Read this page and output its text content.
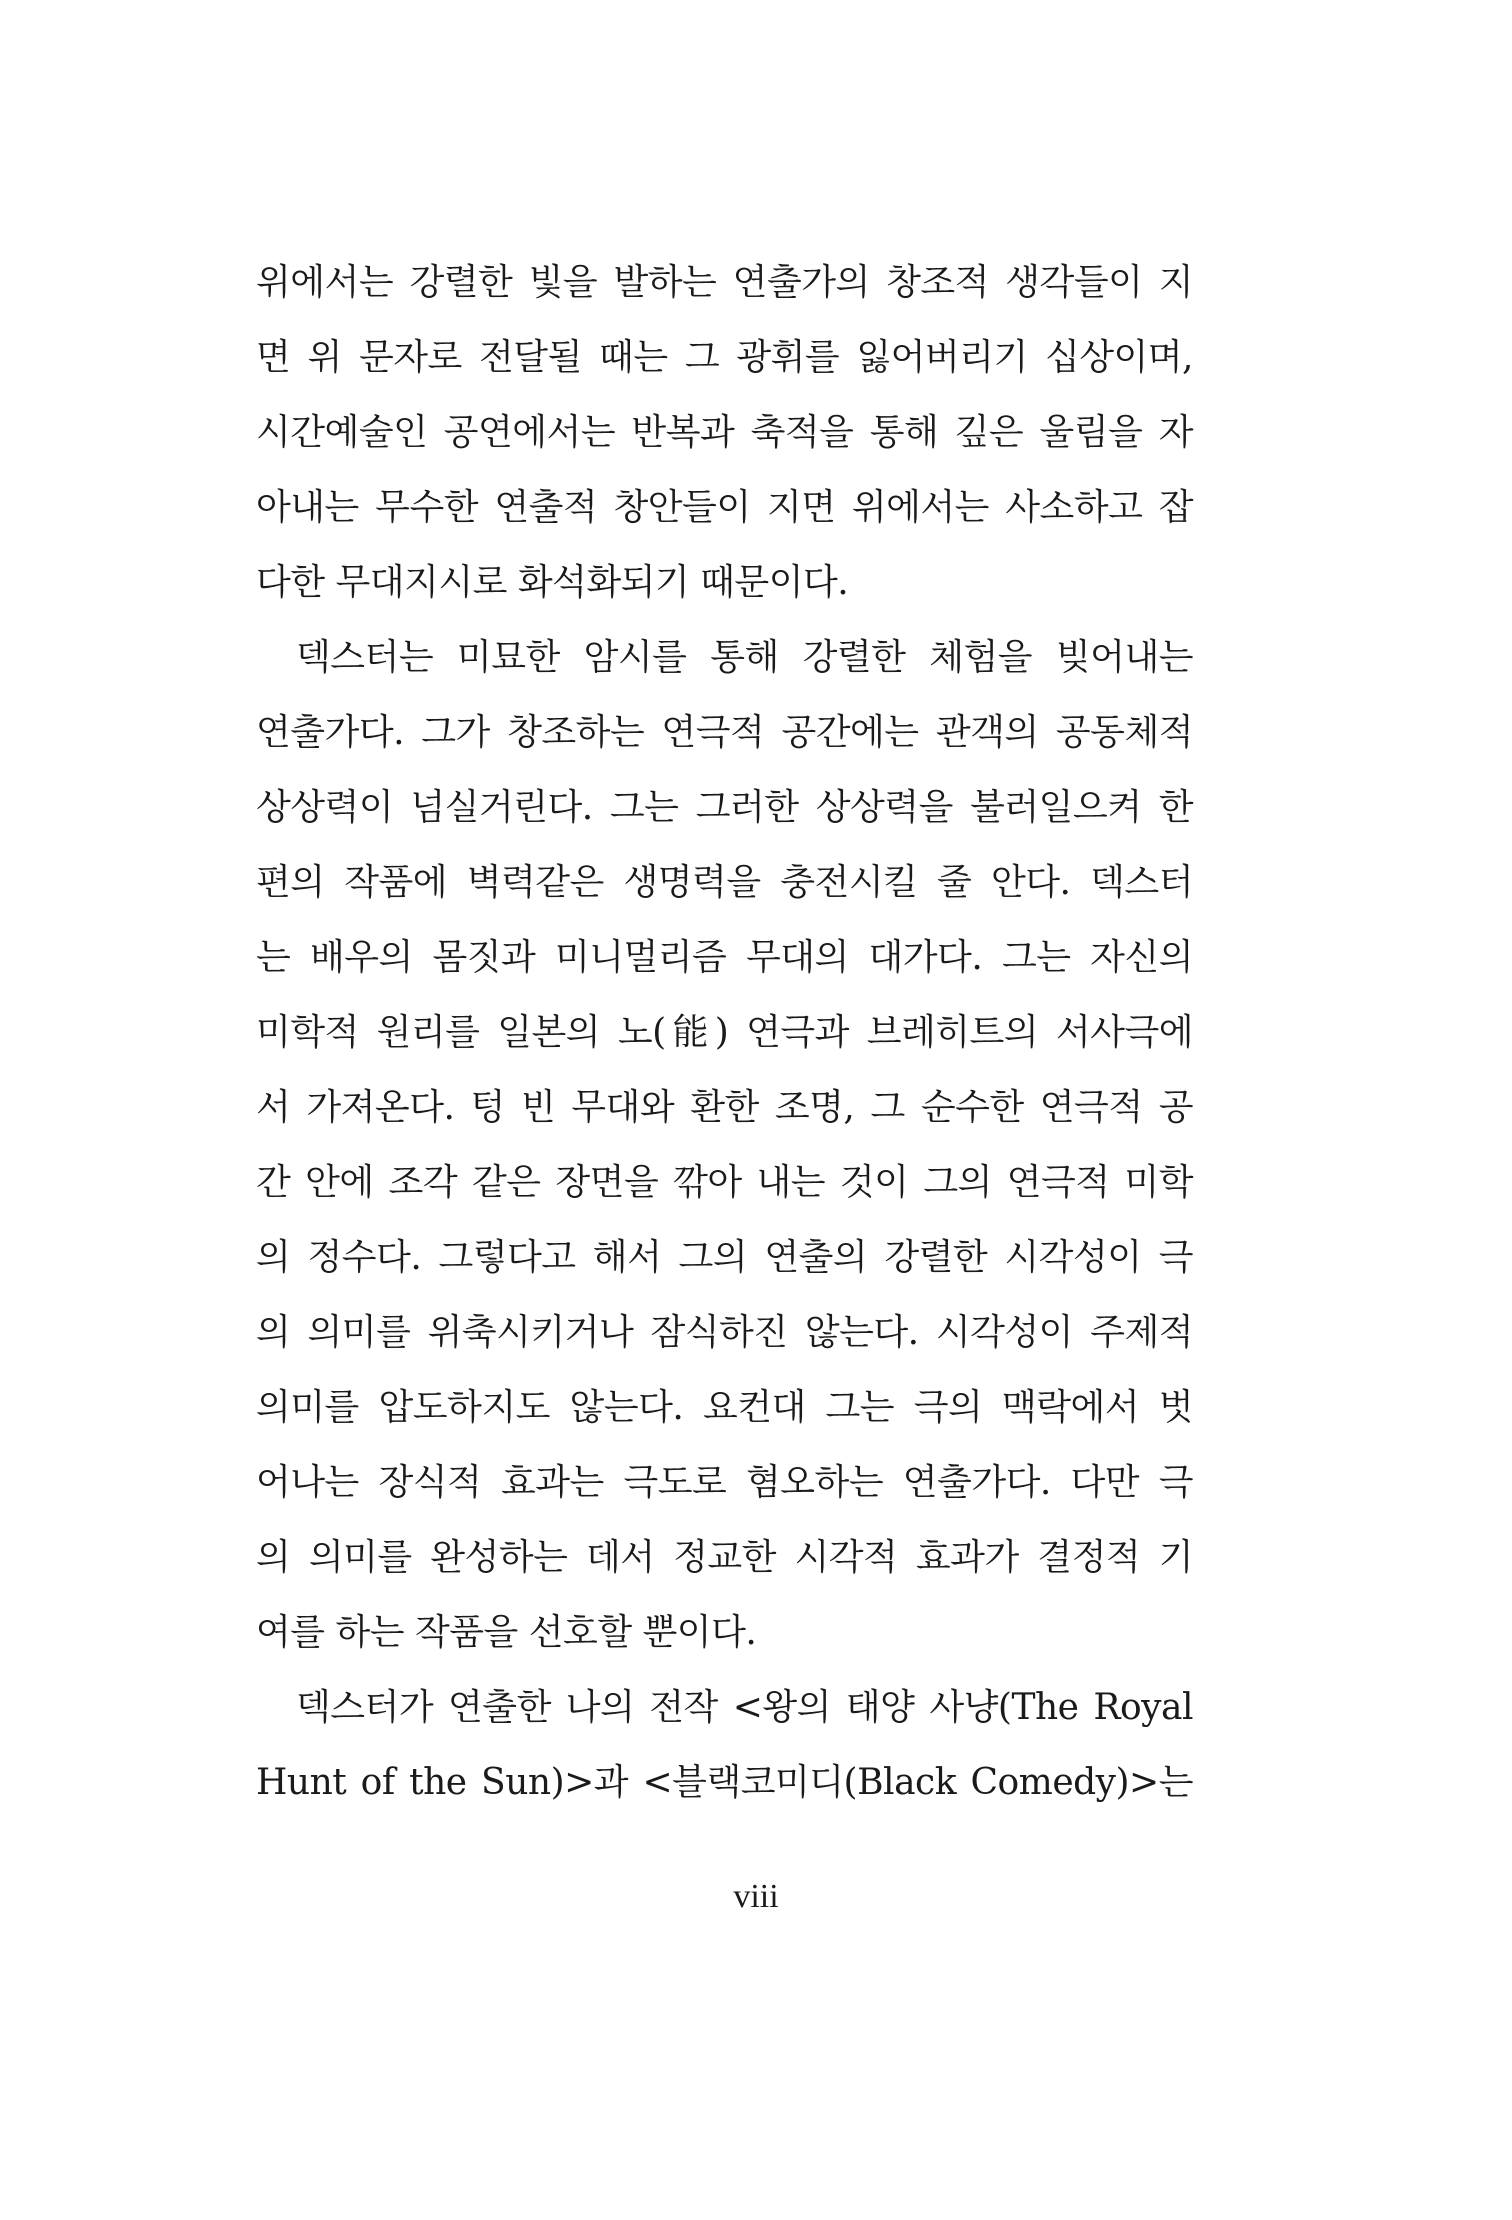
위에서는 강렬한 빛을 발하는 연출가의 창조적 생각들이 지
면 위 문자로 전달될 때는 그 광휘를 잃어버리기 십상이며,
시간예술인 공연에서는 반복과 축적을 통해 깊은 울림을 자
아내는 무수한 연출적 창안들이 지면 위에서는 사소하고 잡
다한 무대지시로 화석화되기 때문이다.
덱스터는 미묘한 암시를 통해 강렬한 체험을 빚어내는
연출가다. 그가 창조하는 연극적 공간에는 관객의 공동체적
상상력이 넘실거린다. 그는 그러한 상상력을 불러일으켜 한
편의 작품에 벽력같은 생명력을 충전시킬 줄 안다. 덱스터
는 배우의 몸짓과 미니멀리즘 무대의 대가다. 그는 자신의
미학적 원리를 일본의 노(能) 연극과 브레히트의 서사극에
서 가져온다. 텅 빈 무대와 환한 조명, 그 순수한 연극적 공
간 안에 조각 같은 장면을 깎아 내는 것이 그의 연극적 미학
의 정수다. 그렇다고 해서 그의 연출의 강렬한 시각성이 극
의 의미를 위축시키거나 잠식하진 않는다. 시각성이 주제적
의미를 압도하지도 않는다. 요컨대 그는 극의 맥락에서 벗
어나는 장식적 효과는 극도로 혐오하는 연출가다. 다만 극
의 의미를 완성하는 데서 정교한 시각적 효과가 결정적 기
여를 하는 작품을 선호할 뿐이다.
덱스터가 연출한 나의 전작 <왕의 태양 사냥(The Royal
Hunt of the Sun)>과 <블랙코미디(Black Comedy)>는
viii
